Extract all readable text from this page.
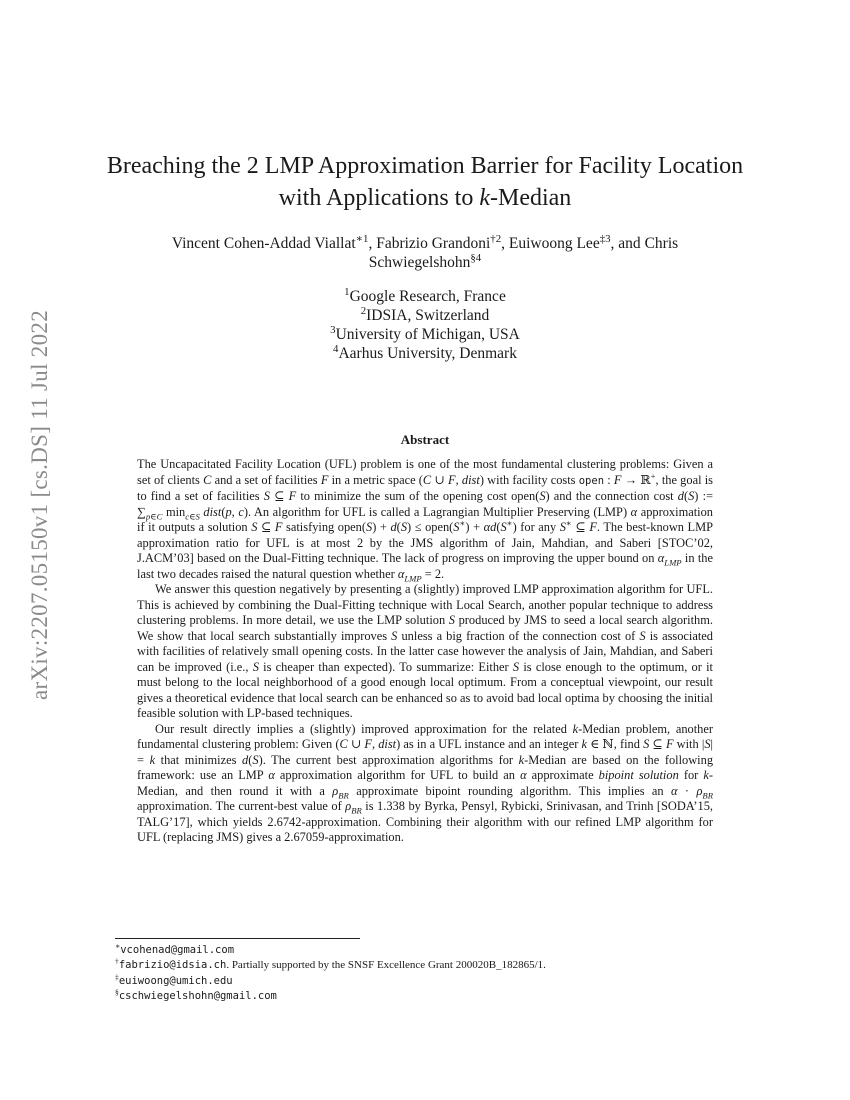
arXiv:2207.05150v1 [cs.DS] 11 Jul 2022
Breaching the 2 LMP Approximation Barrier for Facility Location
with Applications to k-Median
Vincent Cohen-Addad Viallat$^{∗1}$, Fabrizio Grandoni$^{\dagger 2}$, Euiwoong Lee$^{\ddagger 3}$, and Chris Schwiegelshohn$^{\S 4}$
$^1$Google Research, France
$^2$IDSIA, Switzerland
$^3$University of Michigan, USA
$^4$Aarhus University, Denmark
Abstract

The Uncapacitated Facility Location (UFL) problem is one of the most fundamental clustering problems: Given a set of clients C and a set of facilities F in a metric space (C ∪ F, dist) with facility costs open : F → ℝ+, the goal is to find a set of facilities S ⊆ F to minimize the sum of the opening cost open(S) and the connection cost d(S) := $\sum_{p\in C}$ $\min_{c\in S}$ dist(p, c). An algorithm for UFL is called a Lagrangian Multiplier Preserving (LMP) α approximation if it outputs a solution S ⊆ F satisfying open(S) + d(S) ≤ open(S∗) + αd(S∗) for any S∗ ⊆ F. The best-known LMP approximation ratio for UFL is at most 2 by the JMS algorithm of Jain, Mahdian, and Saberi [STOC’02, J.ACM’03] based on the Dual-Fitting technique. The lack of progress on improving the upper bound on $\alpha_{LMP}$ in the last two decades raised the natural question whether $\alpha_{LMP} = 2$.

We answer this question negatively by presenting a (slightly) improved LMP approximation algorithm for UFL. This is achieved by combining the Dual-Fitting technique with Local Search, another popular technique to address clustering problems. In more detail, we use the LMP solution S produced by JMS to seed a local search algorithm. We show that local search substantially improves S unless a big fraction of the connection cost of S is associated with facilities of relatively small opening costs. In the latter case however the analysis of Jain, Mahdian, and Saberi can be improved (i.e., S is cheaper than expected). To summarize: Either S is close enough to the optimum, or it must belong to the local neighborhood of a good enough local optimum. From a conceptual viewpoint, our result gives a theoretical evidence that local search can be enhanced so as to avoid bad local optima by choosing the initial feasible solution with LP-based techniques.

Our result directly implies a (slightly) improved approximation for the related k-Median problem, another fundamental clustering problem: Given (C ∪ F, dist) as in a UFL instance and an integer k ∈ ℕ, find S ⊆ F with |S| = k that minimizes d(S). The current best approximation algorithms for k-Median are based on the following framework: use an LMP α approximation algorithm for UFL to build an α approximate bipoint solution for k-Median, and then round it with a $\rho_{BR}$ approximate bipoint rounding algorithm. This implies an $\alpha \cdot \rho_{BR}$ approximation. The current-best value of $\rho_{BR}$ is 1.338 by Byrka, Pensyl, Rybicki, Srinivasan, and Trinh [SODA’15, TALG’17], which yields 2.6742-approximation. Combining their algorithm with our refined LMP algorithm for UFL (replacing JMS) gives a 2.67059-approximation.

∗vcohenad@gmail.com
†fabrizio@idsia.ch. Partially supported by the SNSF Excellence Grant 200020B_182865/1.
‡euiwoong@umich.edu
§cschwiegelshohn@gmail.com
